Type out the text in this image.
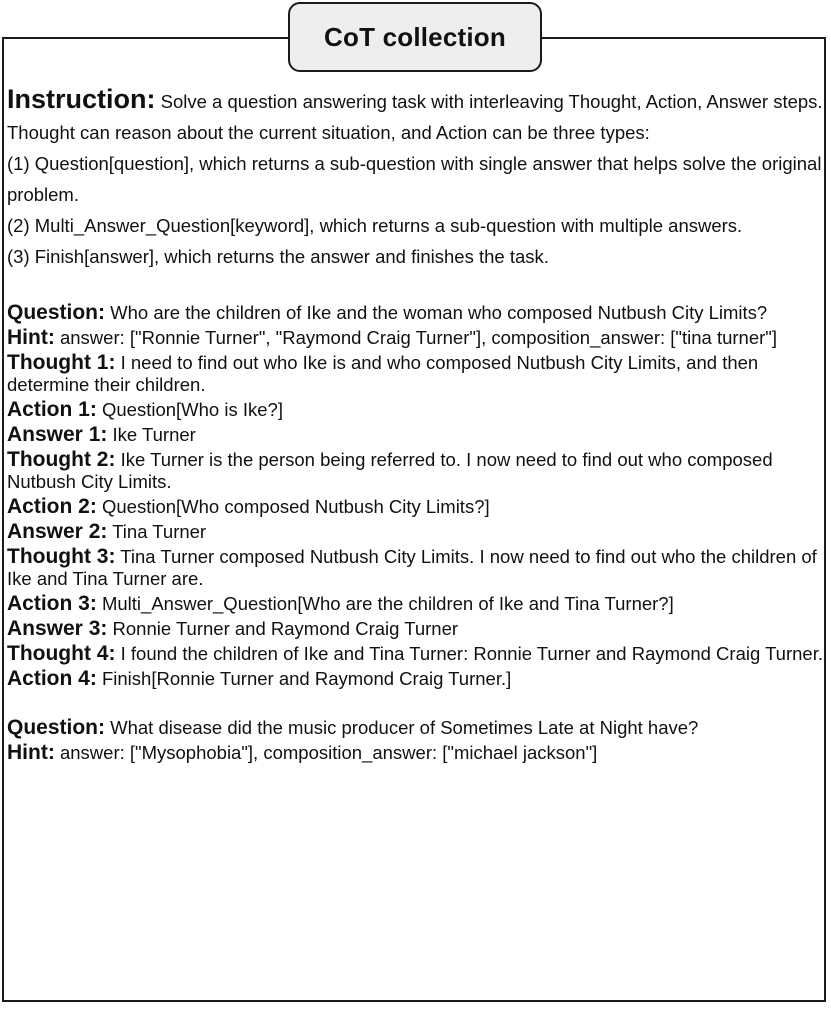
CoT collection

Instruction: Solve a question answering task with interleaving Thought, Action, Answer steps. Thought can reason about the current situation, and Action can be three types:

(1) Question[question], which returns a sub-question with single answer that helps solve the original problem.

(2) Multi_Answer_Question[keyword], which returns a sub-question with multiple answers.

(3) Finish[answer], which returns the answer and finishes the task.

Question: Who are the children of Ike and the woman who composed Nutbush City Limits?

Hint: answer: ["Ronnie Turner", "Raymond Craig Turner"], composition_answer: ["tina turner"]

Thought 1: I need to find out who Ike is and who composed Nutbush City Limits, and then determine their children.

Action 1: Question[Who is Ike?]

Answer 1: Ike Turner

Thought 2: Ike Turner is the person being referred to. I now need to find out who composed Nutbush City Limits.

Action 2: Question[Who composed Nutbush City Limits?]

Answer 2: Tina Turner

Thought 3: Tina Turner composed Nutbush City Limits. I now need to find out who the children of Ike and Tina Turner are.

Action 3: Multi_Answer_Question[Who are the children of Ike and Tina Turner?]

Answer 3: Ronnie Turner and Raymond Craig Turner

Thought 4: I found the children of Ike and Tina Turner: Ronnie Turner and Raymond Craig Turner.

Action 4: Finish[Ronnie Turner and Raymond Craig Turner.]

Question: What disease did the music producer of Sometimes Late at Night have?

Hint: answer: ["Mysophobia"], composition_answer: ["michael jackson"]
